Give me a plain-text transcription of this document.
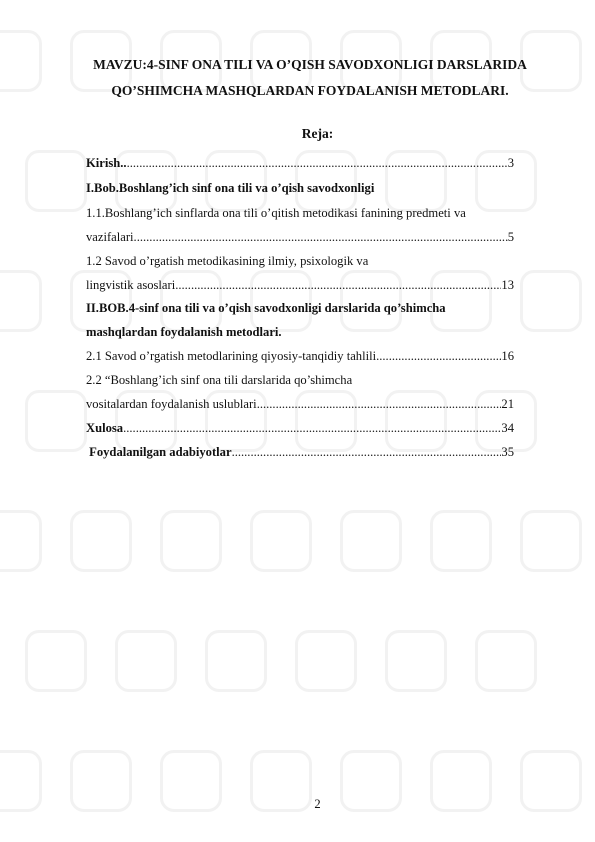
MAVZU:4-SINF ONA TILI VA O’QISH SAVODXONLIGI DARSLARIDA
QO’SHIMCHA MASHQLARDAN FOYDALANISH METODLARI.
Reja:
Kirish.. .....	3
I.Bob.Boshlang’ich sinf ona tili va o’qish savodxonligi
1.1.Boshlang’ich sinflarda ona tili o’qitish metodikasi fanining predmeti va
vazifalari .....	5
1.2 Savod o’rgatish metodikasining ilmiy, psixologik va
lingvistik asoslari .....	13
II.BOB.4-sinf ona tili va o’qish savodxonligi darslarida qo’shimcha
mashqlardan foydalanish metodlari.
2.1 Savod o’rgatish metodlarining qiyosiy-tanqidiy tahlili .....	16
2.2 “Boshlang’ich sinf ona tili darslarida qo’shimcha
vositalardan foydalanish uslublari .....	21
Xulosa .....	34
Foydalanilgan adabiyotlar .....	35
2
